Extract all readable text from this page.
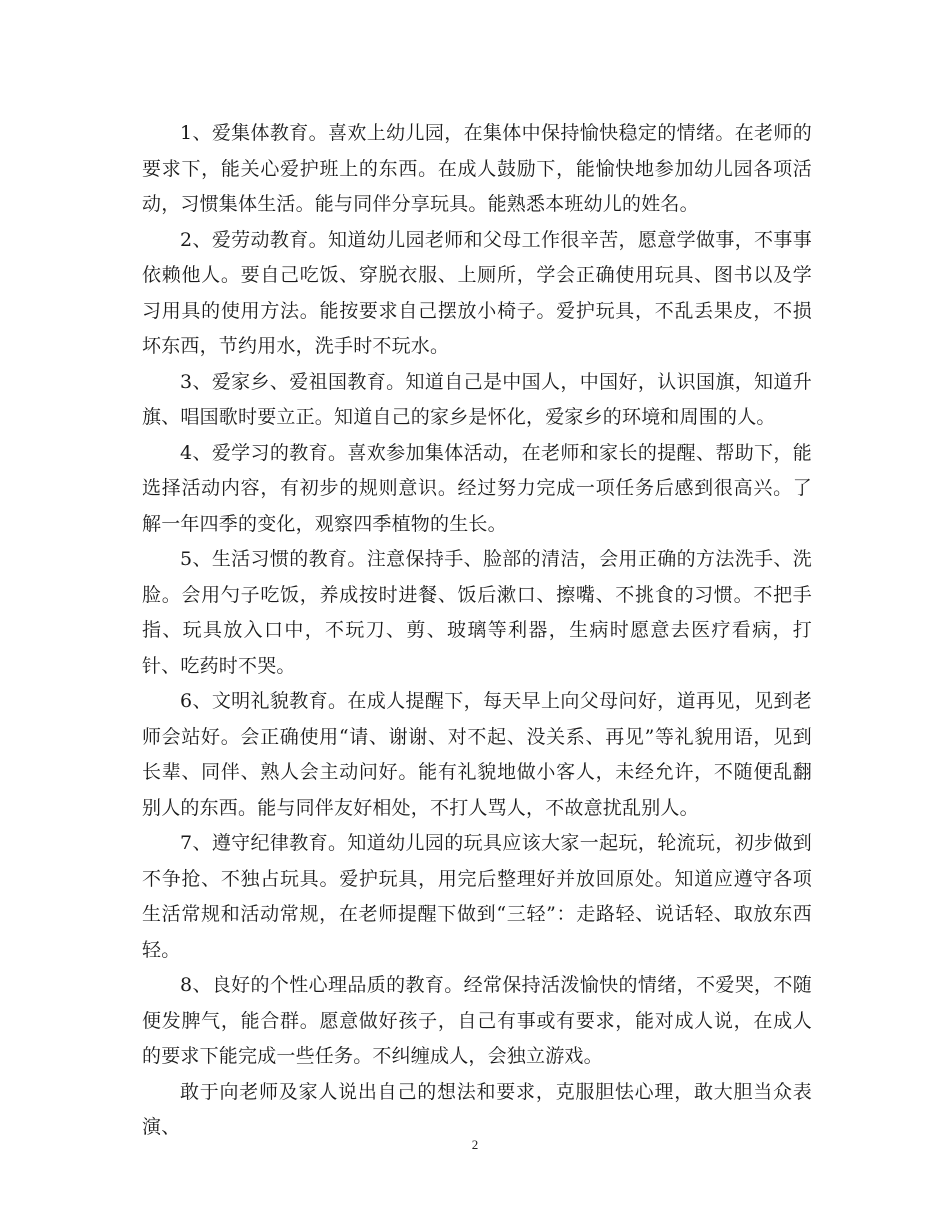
1、爱集体教育。喜欢上幼儿园，在集体中保持愉快稳定的情绪。在老师的要求下，能关心爱护班上的东西。在成人鼓励下，能愉快地参加幼儿园各项活动，习惯集体生活。能与同伴分享玩具。能熟悉本班幼儿的姓名。

2、爱劳动教育。知道幼儿园老师和父母工作很辛苦，愿意学做事，不事事依赖他人。要自己吃饭、穿脱衣服、上厕所，学会正确使用玩具、图书以及学习用具的使用方法。能按要求自己摆放小椅子。爱护玩具，不乱丢果皮，不损坏东西，节约用水，洗手时不玩水。

3、爱家乡、爱祖国教育。知道自己是中国人，中国好，认识国旗，知道升旗、唱国歌时要立正。知道自己的家乡是怀化，爱家乡的环境和周围的人。

4、爱学习的教育。喜欢参加集体活动，在老师和家长的提醒、帮助下，能选择活动内容，有初步的规则意识。经过努力完成一项任务后感到很高兴。了解一年四季的变化，观察四季植物的生长。

5、生活习惯的教育。注意保持手、脸部的清洁，会用正确的方法洗手、洗脸。会用勺子吃饭，养成按时进餐、饭后漱口、擦嘴、不挑食的习惯。不把手指、玩具放入口中，不玩刀、剪、玻璃等利器，生病时愿意去医疗看病，打针、吃药时不哭。

6、文明礼貌教育。在成人提醒下，每天早上向父母问好，道再见，见到老师会站好。会正确使用“请、谢谢、对不起、没关系、再见”等礼貌用语，见到长辈、同伴、熟人会主动问好。能有礼貌地做小客人，未经允许，不随便乱翻别人的东西。能与同伴友好相处，不打人骂人，不故意扰乱别人。

7、遵守纪律教育。知道幼儿园的玩具应该大家一起玩，轮流玩，初步做到不争抢、不独占玩具。爱护玩具，用完后整理好并放回原处。知道应遵守各项生活常规和活动常规，在老师提醒下做到“三轻”：走路轻、说话轻、取放东西轻。

8、良好的个性心理品质的教育。经常保持活泼愉快的情绪，不爱哭，不随便发脾气，能合群。愿意做好孩子，自己有事或有要求，能对成人说，在成人的要求下能完成一些任务。不纠缠成人，会独立游戏。

敢于向老师及家人说出自己的想法和要求，克服胆怯心理，敢大胆当众表演、

2
